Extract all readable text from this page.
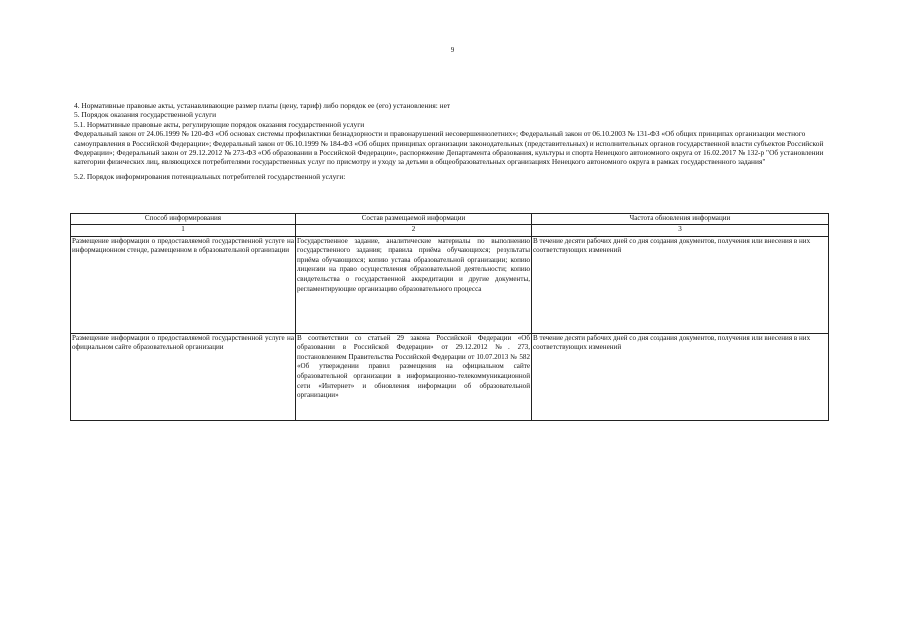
9

4. Нормативные правовые акты, устанавливающие размер платы (цену, тариф) либо порядок ее (его) установления: нет

5. Порядок оказания государственной услуги

5.1. Нормативные правовые акты, регулирующие порядок оказания государственной услуги

Федеральный закон от 24.06.1999 № 120-ФЗ «Об основах системы профилактики безнадзорности и правонарушений несовершеннолетних»; Федеральный закон от 06.10.2003 № 131-ФЗ «Об общих принципах организации местного самоуправления в Российской Федерации»; Федеральный закон от 06.10.1999 № 184-ФЗ «Об общих принципах организации законодательных (представительных) и исполнительных органов государственной власти субъектов Российской Федерации»; Федеральный закон от 29.12.2012 № 273-ФЗ «Об образовании в Российской Федерации», распоряжение Департамента образования, культуры и спорта Ненецкого автономного округа от 16.02.2017 № 132-р "Об установлении категории физических лиц, являющихся потребителями государственных услуг по присмотру и уходу за детьми в общеобразовательных организациях Ненецкого автономного округа в рамках государственного задания"

5.2. Порядок информирования потенциальных потребителей государственной услуги:

Способ информирования	Состав размещаемой информации	Частота обновления информации
1	2	3
Размещение информации о предоставляемой государственной услуге на информационном стенде, размещенном в образовательной организации	Государственное задание, аналитические материалы по выполнению государственного задания; правила приёма обучающихся; результаты приёма обучающихся; копию устава образовательной организации; копию лицензии на право осуществления образовательной деятельности; копию свидетельства о государственной аккредитации и другие документы, регламентирующие организацию образовательного процесса	В течение десяти рабочих дней со дня создания документов, получения или внесения в них соответствующих изменений
Размещение информации о предоставляемой государственной услуге на официальном сайте образовательной организации	В соответствии со статьей 29 закона Российской Федерации «Об образовании в Российской Федерации» от 29.12.2012 №. 273, постановлением Правительства Российской Федерации от 10.07.2013 № 582 «Об утверждении правил размещения на официальном сайте образовательной организации в информационно-телекоммуникационной сети «Интернет» и обновления информации об образовательной организации»	В течение десяти рабочих дней со дня создания документов, получения или внесения в них соответствующих изменений
